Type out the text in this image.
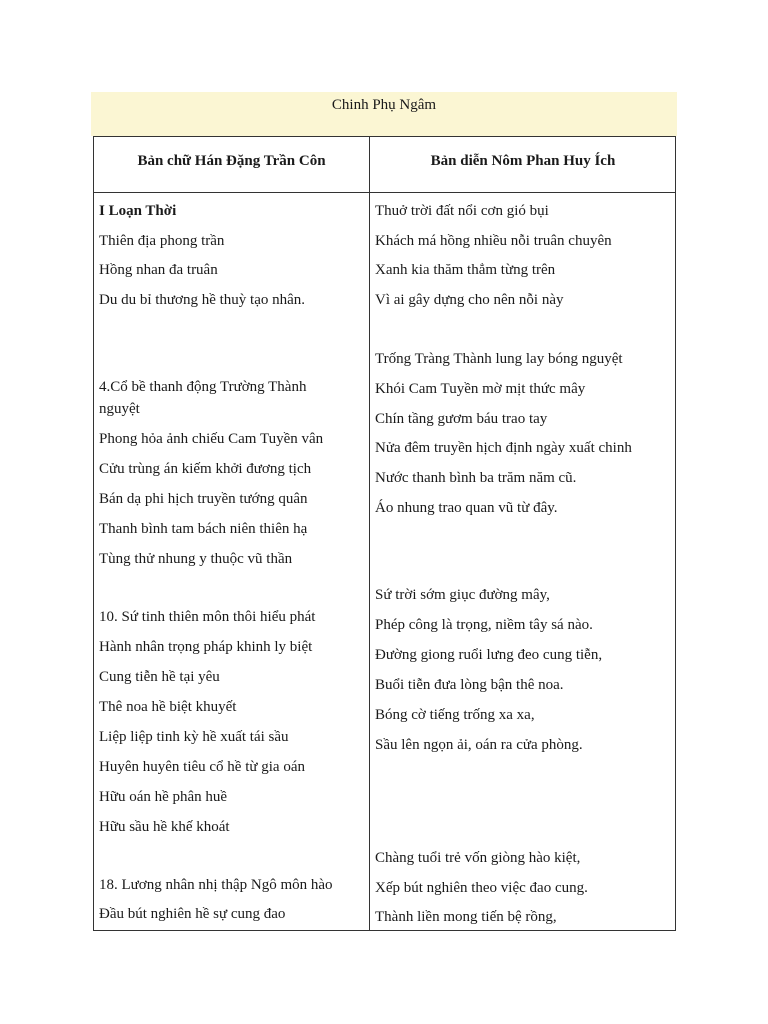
Chinh Phụ Ngâm
Bản chữ Hán Đặng Trần Côn	Bản diễn Nôm Phan Huy Ích
I Loạn Thời
Thiên địa phong trần
Hồng nhan đa truân
Du du bỉ thương hề thuỳ tạo nhân.
4.Cổ bề thanh động Trường Thành
nguyệt
Phong hỏa ảnh chiếu Cam Tuyền vân
Cửu trùng án kiếm khởi đương tịch
Bán dạ phi hịch truyền tướng quân
Thanh bình tam bách niên thiên hạ
Tùng thử nhung y thuộc vũ thần
10. Sứ tinh thiên môn thôi hiểu phát
Hành nhân trọng pháp khinh ly biệt
Cung tiễn hề tại yêu
Thê noa hề biệt khuyết
Liệp liệp tinh kỳ hề xuất tái sầu
Huyên huyên tiêu cổ hề từ gia oán
Hữu oán hề phân huề
Hữu sầu hề khế khoát
18. Lương nhân nhị thập Ngô môn hào
Đầu bút nghiên hề sự cung đao
Thuở trời đất nổi cơn gió bụi
Khách má hồng nhiều nỗi truân chuyên
Xanh kia thăm thẳm từng trên
Vì ai gây dựng cho nên nỗi này
Trống Tràng Thành lung lay bóng nguyệt
Khói Cam Tuyền mờ mịt thức mây
Chín tầng gươm báu trao tay
Nửa đêm truyền hịch định ngày xuất chinh
Nước thanh bình ba trăm năm cũ.
Áo nhung trao quan vũ từ đây.
Sứ trời sớm giục đường mây,
Phép công là trọng, niềm tây sá nào.
Đường giong ruổi lưng đeo cung tiễn,
Buổi tiễn đưa lòng bận thê noa.
Bóng cờ tiếng trống xa xa,
Sầu lên ngọn ải, oán ra cửa phòng.
Chàng tuổi trẻ vốn giòng hào kiệt,
Xếp bút nghiên theo việc đao cung.
Thành liền mong tiến bệ rồng,
